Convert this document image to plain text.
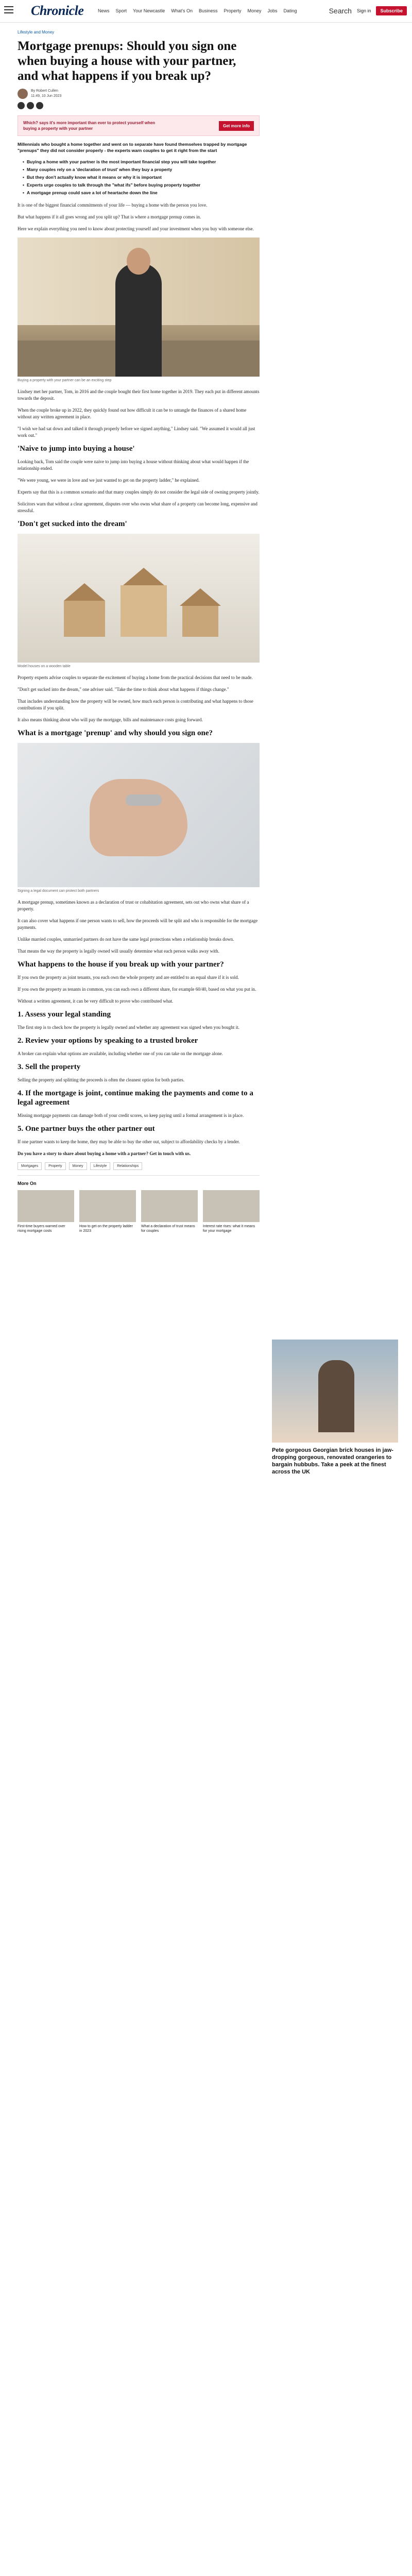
Chronicle	News Sport Your Newcastle What's On Business Property Money Jobs Dating	Search Sign in	Subscribe
Lifestyle and Money
Mortgage prenups: Should you sign one when buying a house with your partner, and what happens if you break up?
By Robert Cullen
11:49, 10 Jun 2023
Which? says it's more important than ever to protect yourself when buying a property with your partner
Get more info
Millennials who bought a home together and went on to separate have found themselves trapped by mortgage "prenups" they did not consider properly - the experts warn couples to get it right from the start
• Buying a home with your partner is the most important financial step you will take together
• Many couples rely on a 'declaration of trust' when they buy a property
• But they don't actually know what it means or why it is important
• Experts urge couples to talk through the "what ifs" before buying property together
• A mortgage prenup could save a lot of heartache down the line

It is one of the biggest financial commitments of your life — buying a home with the person you love.

But what happens if it all goes wrong and you split up? That is where a mortgage prenup comes in.

Here we explain everything you need to know about protecting yourself and your investment when you buy with someone else.

Buying a property with your partner can be an exciting step

Lindsey met her partner, Tom, in 2016 and the couple bought their first home together in 2019. They each put in different amounts towards the deposit.

When the couple broke up in 2022, they quickly found out how difficult it can be to untangle the finances of a shared home without any written agreement in place.

"I wish we had sat down and talked it through properly before we signed anything," Lindsey said. "We assumed it would all just work out."

'Naive to jump into buying a house'

Looking back, Tom said the couple were naive to jump into buying a house without thinking about what would happen if the relationship ended.

"We were young, we were in love and we just wanted to get on the property ladder," he explained.

Experts say that this is a common scenario and that many couples simply do not consider the legal side of owning property jointly.

Solicitors warn that without a clear agreement, disputes over who owns what share of a property can become long, expensive and stressful.

'Don't get sucked into the dream'
Model houses on a wooden table

Property experts advise couples to separate the excitement of buying a home from the practical decisions that need to be made.

"Don't get sucked into the dream," one adviser said. "Take the time to think about what happens if things change."

That includes understanding how the property will be owned, how much each person is contributing and what happens to those contributions if you split.

It also means thinking about who will pay the mortgage, bills and maintenance costs going forward.

What is a mortgage 'prenup' and why should you sign one?
Signing a legal document can protect both partners

A mortgage prenup, sometimes known as a declaration of trust or cohabitation agreement, sets out who owns what share of a property.

It can also cover what happens if one person wants to sell, how the proceeds will be split and who is responsible for the mortgage payments.

Unlike married couples, unmarried partners do not have the same legal protections when a relationship breaks down.

That means the way the property is legally owned will usually determine what each person walks away with.

What happens to the house if you break up with your partner?

If you own the property as joint tenants, you each own the whole property and are entitled to an equal share if it is sold.

If you own the property as tenants in common, you can each own a different share, for example 60/40, based on what you put in.

Without a written agreement, it can be very difficult to prove who contributed what.

1. Assess your legal standing

The first step is to check how the property is legally owned and whether any agreement was signed when you bought it.

2. Review your options by speaking to a trusted broker

A broker can explain what options are available, including whether one of you can take on the mortgage alone.

3. Sell the property

Selling the property and splitting the proceeds is often the cleanest option for both parties.

4. If the mortgage is joint, continue making the payments and come to a legal agreement

Missing mortgage payments can damage both of your credit scores, so keep paying until a formal arrangement is in place.

5. One partner buys the other partner out

If one partner wants to keep the home, they may be able to buy the other out, subject to affordability checks by a lender.

Do you have a story to share about buying a home with a partner? Get in touch with us.

Mortgages	Property	Money	Lifestyle	Relationships
More On
First-time buyers warned over rising mortgage costs
How to get on the property ladder in 2023
What a declaration of trust means for couples
Interest rate rises: what it means for your mortgage
Pete gorgeous Georgian brick houses in jaw-dropping gorgeous, renovated orangeries to bargain hubbubs. Take a peek at the finest across the UK
